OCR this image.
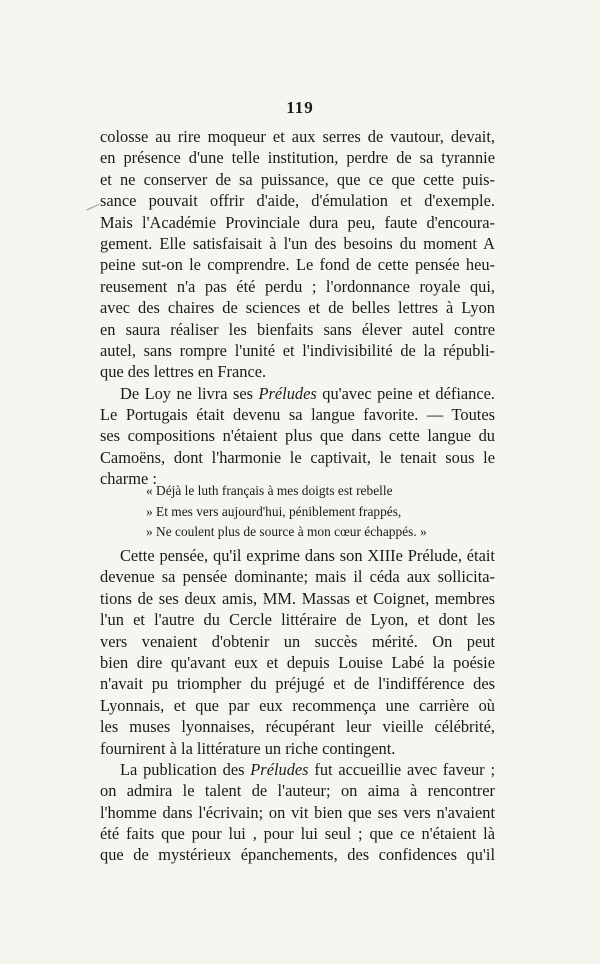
119
colosse au rire moqueur et aux serres de vautour, devait,
en présence d'une telle institution, perdre de sa tyrannie
et ne conserver de sa puissance, que ce que cette puis-
sance pouvait offrir d'aide, d'émulation et d'exemple.
Mais l'Académie Provinciale dura peu, faute d'encoura-
gement. Elle satisfaisait à l'un des besoins du moment A
peine sut-on le comprendre. Le fond de cette pensée heu-
reusement n'a pas été perdu ; l'ordonnance royale qui,
avec des chaires de sciences et de belles lettres à Lyon
en saura réaliser les bienfaits sans élever autel contre
autel, sans rompre l'unité et l'indivisibilité de la républi-
que des lettres en France.
De Loy ne livra ses Préludes qu'avec peine et défiance.
Le Portugais était devenu sa langue favorite. — Toutes
ses compositions n'étaient plus que dans cette langue du
Camoëns, dont l'harmonie le captivait, le tenait sous le
charme :
« Déjà le luth français à mes doigts est rebelle
» Et mes vers aujourd'hui, péniblement frappés,
» Ne coulent plus de source à mon cœur échappés. »
Cette pensée, qu'il exprime dans son XIIIe Prélude, était
devenue sa pensée dominante; mais il céda aux sollicita-
tions de ses deux amis, MM. Massas et Coignet, membres
l'un et l'autre du Cercle littéraire de Lyon, et dont les
vers venaient d'obtenir un succès mérité. On peut
bien dire qu'avant eux et depuis Louise Labé la poésie
n'avait pu triompher du préjugé et de l'indifférence des
Lyonnais, et que par eux recommença une carrière où
les muses lyonnaises, récupérant leur vieille célébrité,
fournirent à la littérature un riche contingent.
La publication des Préludes fut accueillie avec faveur ;
on admira le talent de l'auteur; on aima à rencontrer
l'homme dans l'écrivain; on vit bien que ses vers n'avaient
été faits que pour lui , pour lui seul ; que ce n'étaient là
que de mystérieux épanchements, des confidences qu'il
